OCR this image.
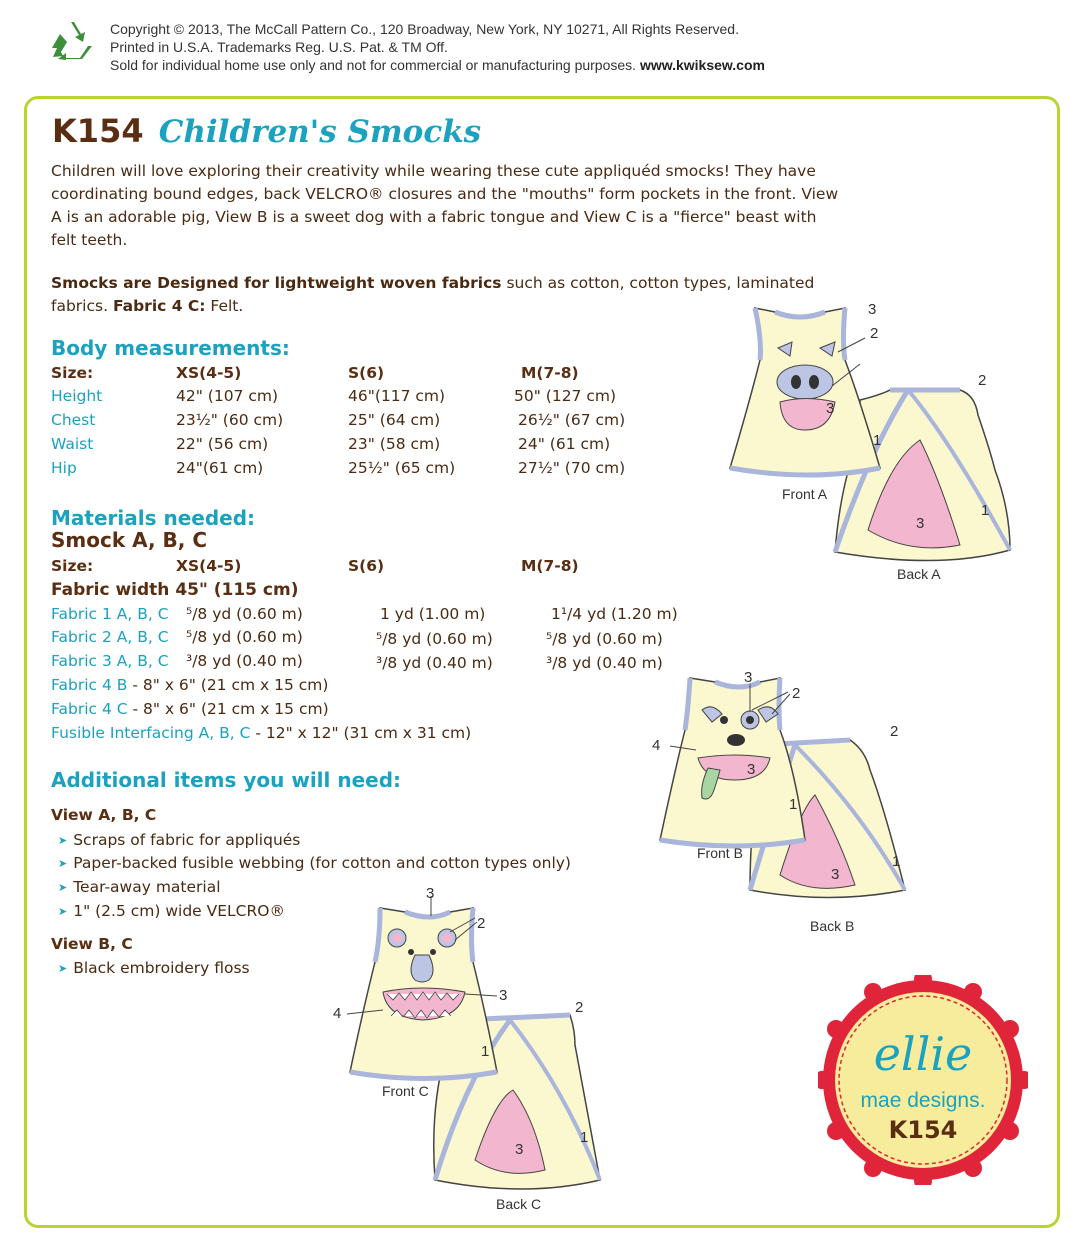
Copyright © 2013, The McCall Pattern Co., 120 Broadway, New York, NY 10271, All Rights Reserved.
Printed in U.S.A. Trademarks Reg. U.S. Pat. & TM Off.
Sold for individual home use only and not for commercial or manufacturing purposes. www.kwiksew.com
K154 Children's Smocks
Children will love exploring their creativity while wearing these cute appliquéd smocks! They have
coordinating bound edges, back VELCRO® closures and the "mouths" form pockets in the front. View
A is an adorable pig, View B is a sweet dog with a fabric tongue and View C is a "fierce" beast with
felt teeth.
Smocks are Designed for lightweight woven fabrics such as cotton, cotton types, laminated
fabrics. Fabric 4 C: Felt.
Body measurements:
Size:	XS(4-5)	S(6)	M(7-8)
Height	42" (107 cm)	46"(117 cm)	50" (127 cm)
Chest	23½" (60 cm)	25" (64 cm)	26½" (67 cm)
Waist	22" (56 cm)	23" (58 cm)	24" (61 cm)
Hip	24"(61 cm)	25½" (65 cm)	27½" (70 cm)
Materials needed:
Smock A, B, C
Size:	XS(4-5)	S(6)	M(7-8)
Fabric width 45" (115 cm)
Fabric 1 A, B, C ⁵/8 yd (0.60 m)	1 yd (1.00 m)	1¹/4 yd (1.20 m)
Fabric 2 A, B, C ⁵/8 yd (0.60 m)	⁵/8 yd (0.60 m)	⁵/8 yd (0.60 m)
Fabric 3 A, B, C ³/8 yd (0.40 m)	³/8 yd (0.40 m)	³/8 yd (0.40 m)
Fabric 4 B - 8" x 6" (21 cm x 15 cm)
Fabric 4 C - 8" x 6" (21 cm x 15 cm)
Fusible Interfacing A, B, C - 12" x 12" (31 cm x 31 cm)
Additional items you will need:
View A, B, C
➤ Scraps of fabric for appliqués
➤ Paper-backed fusible webbing (for cotton and cotton types only)
➤ Tear-away material
➤ 1" (2.5 cm) wide VELCRO®
View B, C
➤ Black embroidery floss
3
2
3
1
2
1
3
Front A
Back A
3
2
4
3
1
2
1
3
Front B
Back B
3
2
3
4
1
2
1
3
Front C
Back C
ellie
mae designs.
K154
